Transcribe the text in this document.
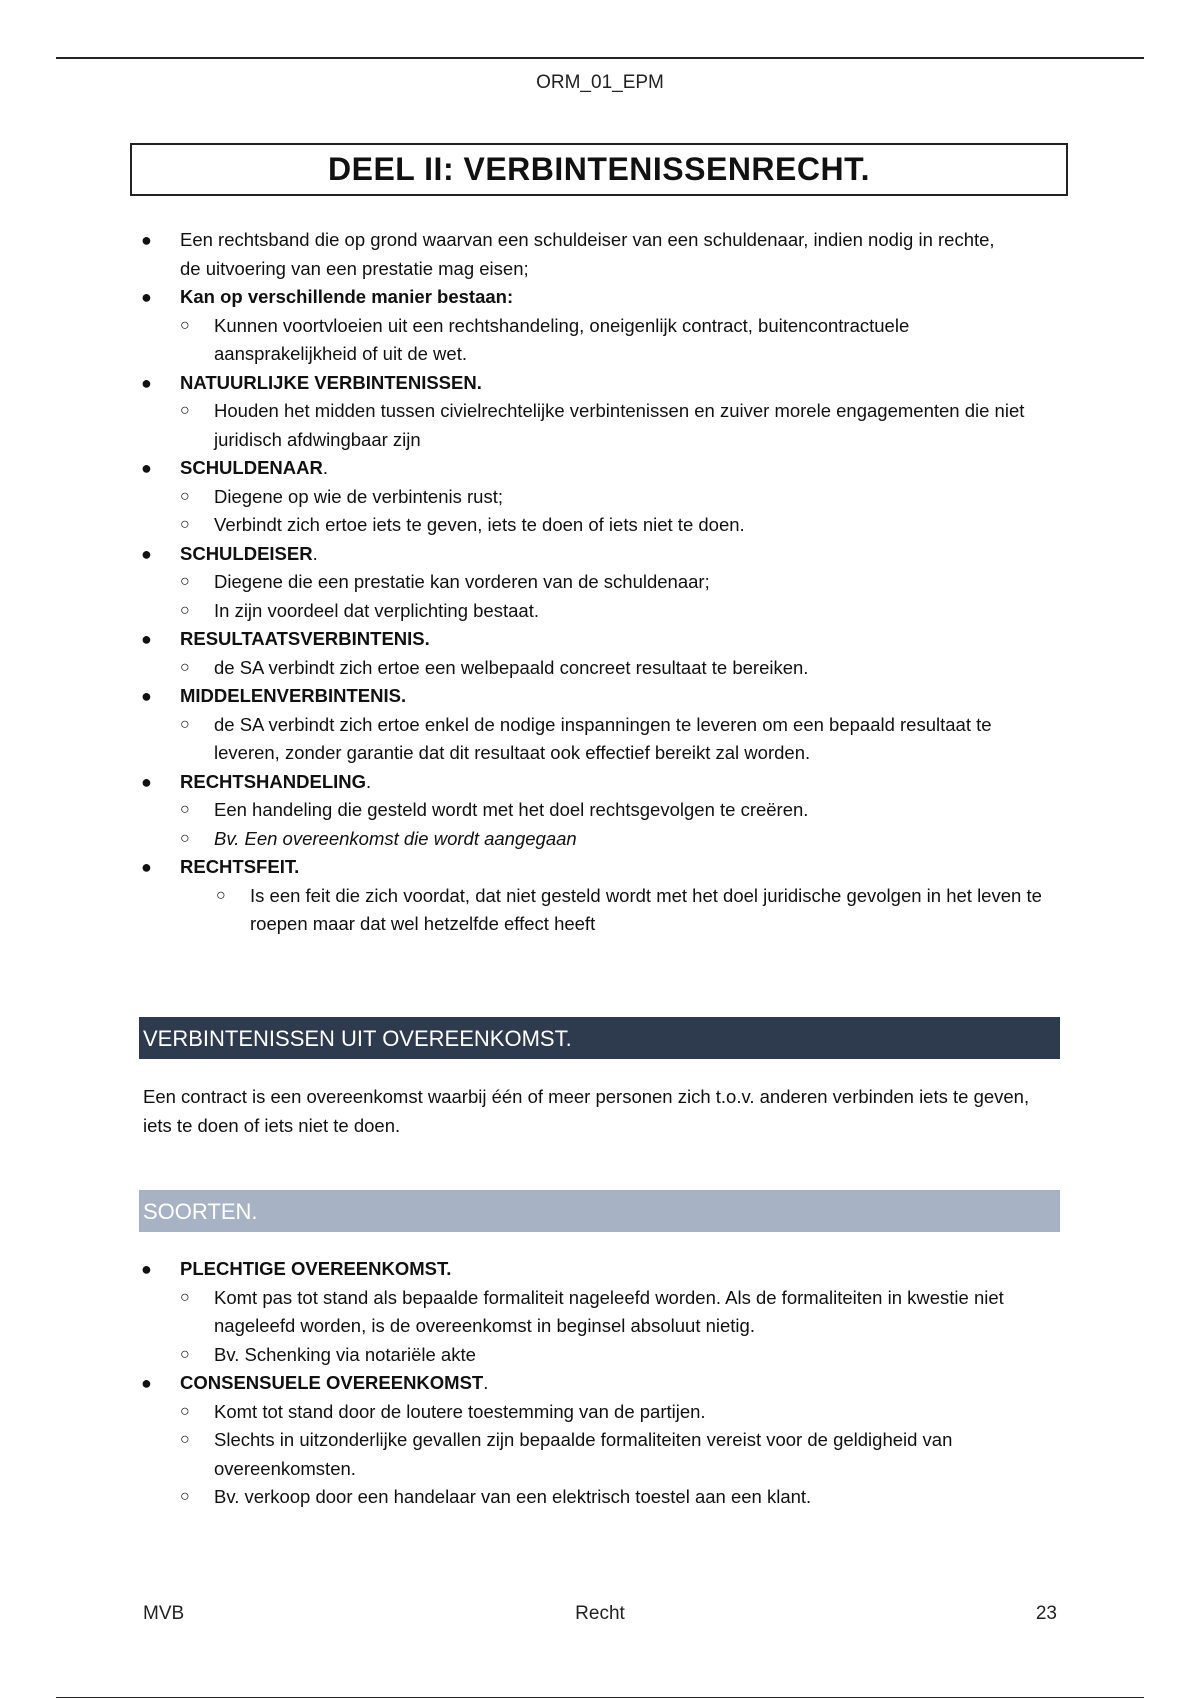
ORM_01_EPM
DEEL II: VERBINTENISSENRECHT.
● Een rechtsband die op grond waarvan een schuldeiser van een schuldenaar, indien nodig in rechte, de uitvoering van een prestatie mag eisen;
● Kan op verschillende manier bestaan:
○ Kunnen voortvloeien uit een rechtshandeling, oneigenlijk contract, buitencontractuele aansprakelijkheid of uit de wet.
● NATUURLIJKE VERBINTENISSEN.
○ Houden het midden tussen civielrechtelijke verbintenissen en zuiver morele engagementen die niet juridisch afdwingbaar zijn
● SCHULDENAAR.
○ Diegene op wie de verbintenis rust;
○ Verbindt zich ertoe iets te geven, iets te doen of iets niet te doen.
● SCHULDEISER.
○ Diegene die een prestatie kan vorderen van de schuldenaar;
○ In zijn voordeel dat verplichting bestaat.
● RESULTAATSVERBINTENIS.
○ de SA verbindt zich ertoe een welbepaald concreet resultaat te bereiken.
● MIDDELENVERBINTENIS.
○ de SA verbindt zich ertoe enkel de nodige inspanningen te leveren om een bepaald resultaat te leveren, zonder garantie dat dit resultaat ook effectief bereikt zal worden.
● RECHTSHANDELING.
○ Een handeling die gesteld wordt met het doel rechtsgevolgen te creëren.
○ Bv. Een overeenkomst die wordt aangegaan
● RECHTSFEIT.
○ Is een feit die zich voordat, dat niet gesteld wordt met het doel juridische gevolgen in het leven te roepen maar dat wel hetzelfde effect heeft
VERBINTENISSEN UIT OVEREENKOMST.
Een contract is een overeenkomst waarbij één of meer personen zich t.o.v. anderen verbinden iets te geven, iets te doen of iets niet te doen.
SOORTEN.
● PLECHTIGE OVEREENKOMST.
○ Komt pas tot stand als bepaalde formaliteit nageleefd worden. Als de formaliteiten in kwestie niet nageleefd worden, is de overeenkomst in beginsel absoluut nietig.
○ Bv. Schenking via notariële akte
● CONSENSUELE OVEREENKOMST.
○ Komt tot stand door de loutere toestemming van de partijen.
○ Slechts in uitzonderlijke gevallen zijn bepaalde formaliteiten vereist voor de geldigheid van overeenkomsten.
○ Bv. verkoop door een handelaar van een elektrisch toestel aan een klant.
MVB	Recht	23
